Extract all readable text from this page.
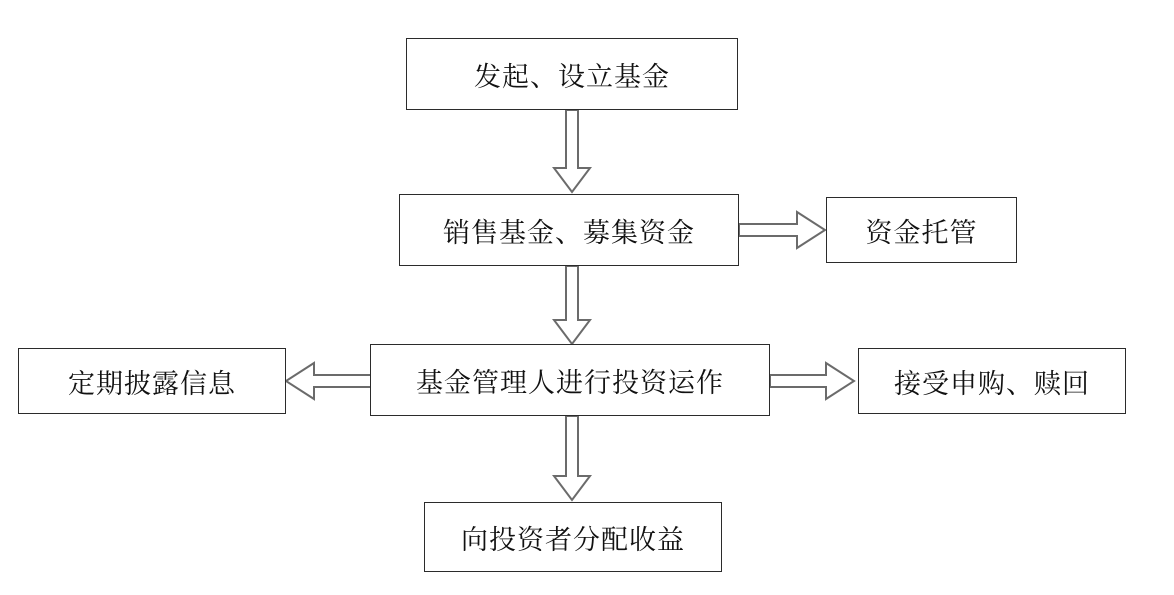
发起、设立基金
销售基金、募集资金	资金托管
定期披露信息	基金管理人进行投资运作	接受申购、赎回
向投资者分配收益
